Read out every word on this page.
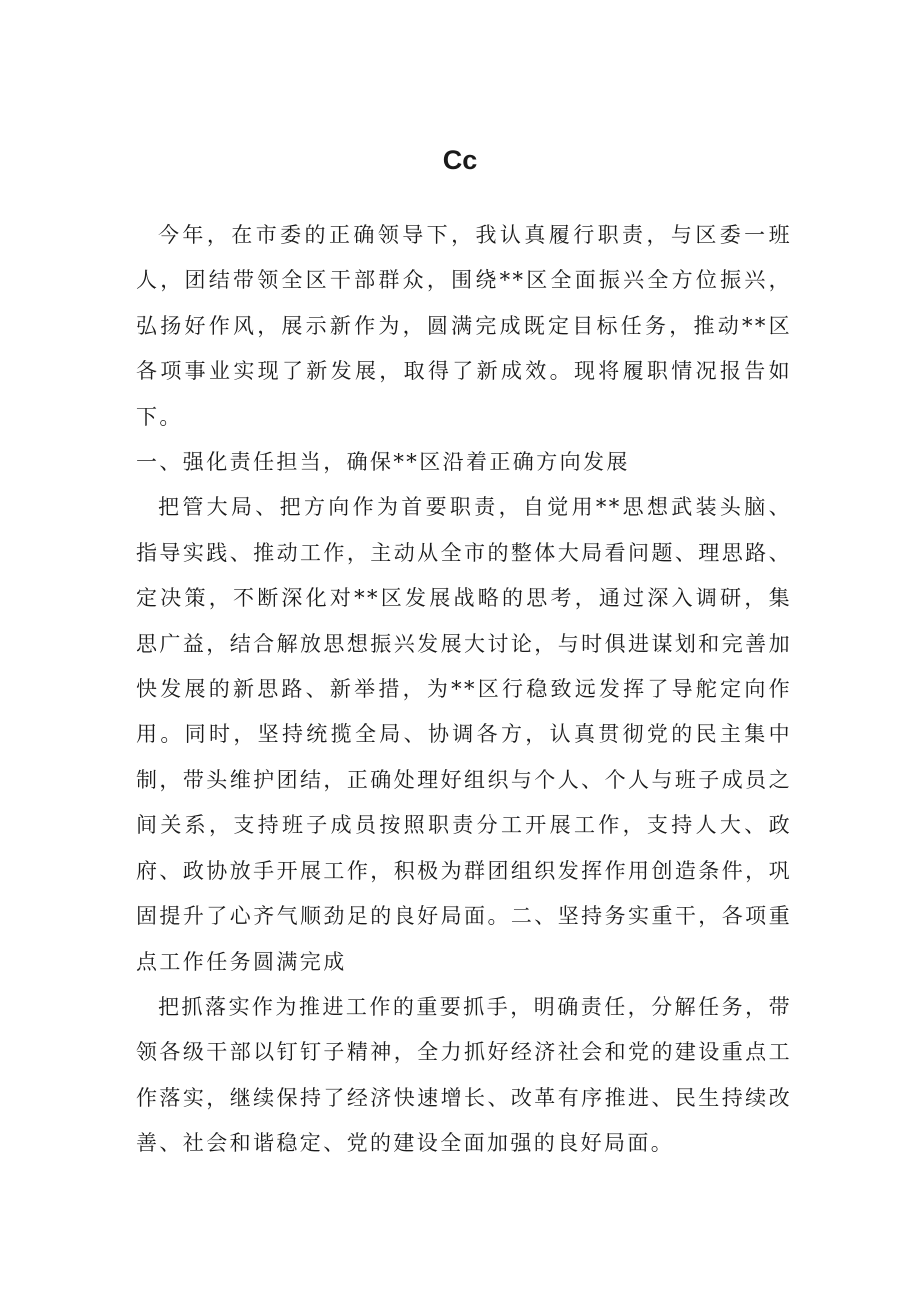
Cc

今年，在市委的正确领导下，我认真履行职责，与区委一班人，团结带领全区干部群众，围绕**区全面振兴全方位振兴，弘扬好作风，展示新作为，圆满完成既定目标任务，推动**区各项事业实现了新发展，取得了新成效。现将履职情况报告如下。

一、强化责任担当，确保**区沿着正确方向发展

把管大局、把方向作为首要职责，自觉用**思想武装头脑、指导实践、推动工作，主动从全市的整体大局看问题、理思路、定决策，不断深化对**区发展战略的思考，通过深入调研，集思广益，结合解放思想振兴发展大讨论，与时俱进谋划和完善加快发展的新思路、新举措，为**区行稳致远发挥了导舵定向作用。同时，坚持统揽全局、协调各方，认真贯彻党的民主集中制，带头维护团结，正确处理好组织与个人、个人与班子成员之间关系，支持班子成员按照职责分工开展工作，支持人大、政府、政协放手开展工作，积极为群团组织发挥作用创造条件，巩固提升了心齐气顺劲足的良好局面。二、坚持务实重干，各项重点工作任务圆满完成

把抓落实作为推进工作的重要抓手，明确责任，分解任务，带领各级干部以钉钉子精神，全力抓好经济社会和党的建设重点工作落实，继续保持了经济快速增长、改革有序推进、民生持续改善、社会和谐稳定、党的建设全面加强的良好局面。
